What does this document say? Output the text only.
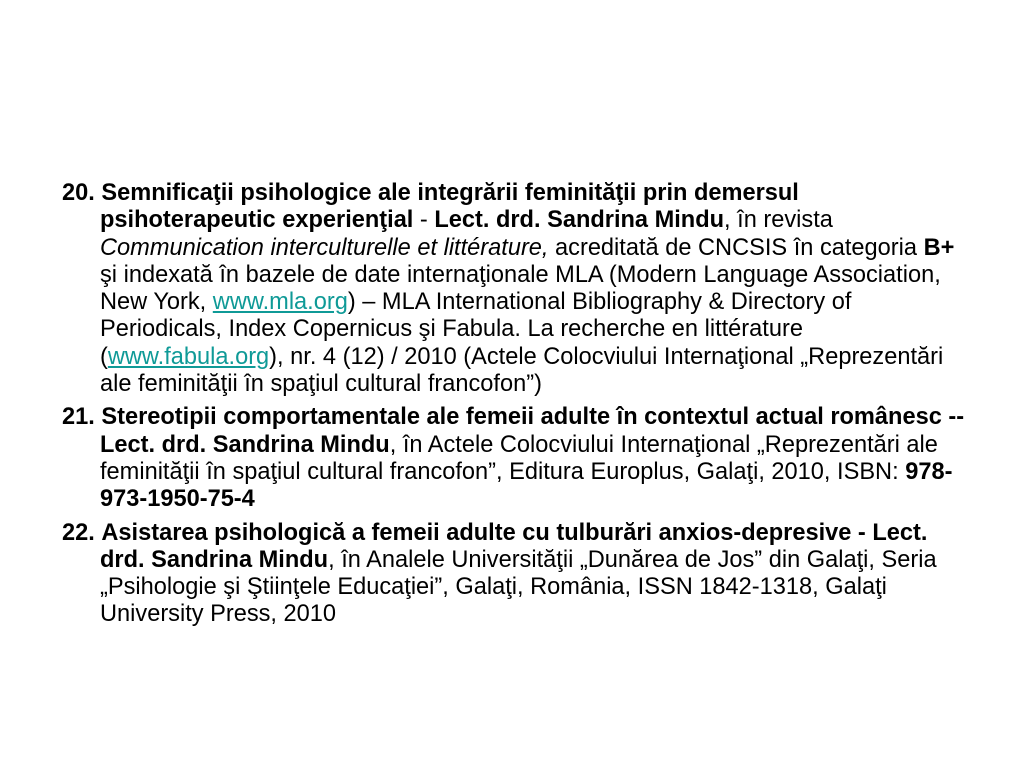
20. Semnificaţii psihologice ale integrării feminităţii prin demersul psihoterapeutic experienţial - Lect. drd. Sandrina Mindu, în revista Communication interculturelle et littérature, acreditată de CNCSIS în categoria B+ şi indexată în bazele de date internaţionale MLA (Modern Language Association, New York, www.mla.org) – MLA International Bibliography & Directory of Periodicals, Index Copernicus şi Fabula. La recherche en littérature (www.fabula.org), nr. 4 (12) / 2010 (Actele Colocviului Internaţional „Reprezentări ale feminităţii în spaţiul cultural francofon”)

21. Stereotipii comportamentale ale femeii adulte în contextul actual românesc -- Lect. drd. Sandrina Mindu, în Actele Colocviului Internaţional „Reprezentări ale feminităţii în spaţiul cultural francofon”, Editura Europlus, Galaţi, 2010, ISBN: 978-973-1950-75-4

22. Asistarea psihologică a femeii adulte cu tulburări anxios-depresive - Lect. drd. Sandrina Mindu, în Analele Universităţii „Dunărea de Jos” din Galaţi, Seria „Psihologie şi Ştiinţele Educaţiei”, Galaţi, România, ISSN 1842-1318, Galaţi University Press, 2010
